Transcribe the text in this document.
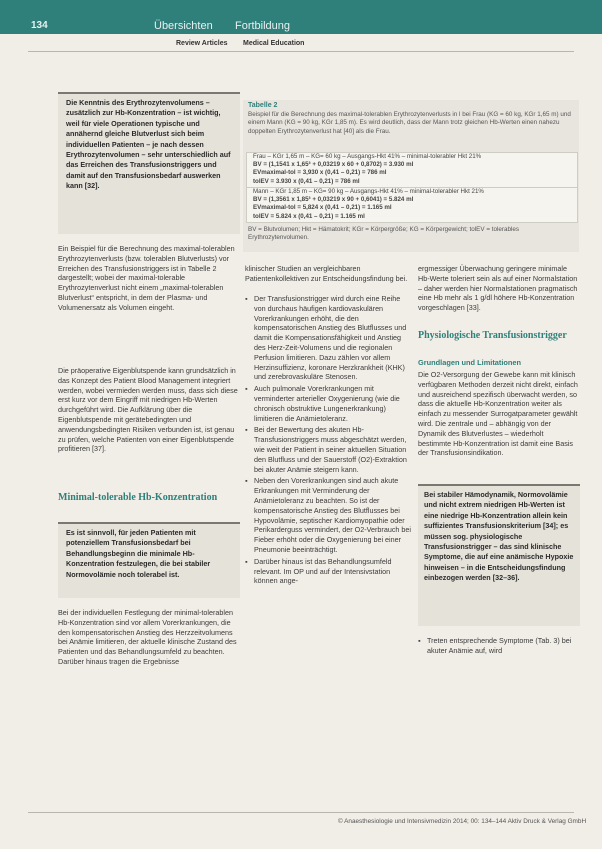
134	Übersichten Fortbildung
Review Articles Medical Education
Die Kenntnis des Erythrozytenvolumens – zusätzlich zur Hb-Konzentration – ist wichtig, weil für viele Operationen typische und annähernd gleiche Blutverlust sich beim individuellen Patienten – je nach dessen Erythrozytenvolumen – sehr unterschiedlich auf das Erreichen des Transfusionstriggers und damit auf den Transfusionsbedarf auswerken kann [32].
Ein Beispiel für die Berechnung des maximal-tolerablen Erythrozytenverlusts (bzw. tolerablen Blutverlusts) vor Erreichen des Transfusionstriggers ist in Tabelle 2 dargestellt; wobei der maximal-tolerable Erythrozytenverlust nicht einem „maximal-tolerablen Blutverlust“ entspricht, in dem der Plasma- und Volumenersatz als Volumen eingeht.
Die präoperative Eigenblutspende kann grundsätzlich in das Konzept des Patient Blood Management integriert werden, wobei vermieden werden muss, dass sich diese erst kurz vor dem Eingriff mit niedrigen Hb-Werten durchgeführt wird. Die Aufklärung über die Eigenblutspende mit gerätebedingten und anwendungsbedingten Risiken verbunden ist, ist genau zu prüfen, welche Patienten von einer Eigenblutspende profitieren [37].
Minimal-tolerable Hb-Konzentration
Es ist sinnvoll, für jeden Patienten mit potenziellem Transfusionsbedarf bei Behandlungsbeginn die minimale Hb-Konzentration festzulegen, die bei stabiler Normovolämie noch tolerabel ist.
Bei der individuellen Festlegung der minimal-tolerablen Hb-Konzentration sind vor allem Vorerkrankungen, die den kompensatorischen Anstieg des Herzzeitvolumens bei Anämie limitieren, der aktuelle klinische Zustand des Patienten und das Behandlungsumfeld zu beachten. Darüber hinaus tragen die Ergebnisse
Tabelle 2
Beispiel für die Berechnung des maximal-tolerablen Erythrozytenverlusts in l bei Frau (KG = 60 kg, KGr 1,65 m) und einem Mann (KG = 90 kg, KGr 1,85 m). Es wird deutlich, dass der Mann trotz gleichen Hb-Werten einen nahezu doppelten Erythrozytenverlust hat [40] als die Frau.
Frau – KGr 1,65 m – KG= 60 kg – Ausgangs-Hkt 41% – minimal-tolerabler Hkt 21%
BV = (1,1541 x 1,65³ + 0,03219 x 60 + 0,8702) = 3.930 ml
EVmaximal-tol = 3,930 x (0,41 – 0,21) = 786 ml
tolEV = 3.930 x (0,41 – 0,21) = 786 ml
Mann – KGr 1,85 m – KG= 90 kg – Ausgangs-Hkt 41% – minimal-tolerabler Hkt 21%
BV = (1,3561 x 1,85³ + 0,03219 x 90 + 0,6041) = 5.824 ml
EVmaximal-tol = 5,824 x (0,41 – 0,21) = 1.165 ml
tolEV = 5.824 x (0,41 – 0,21) = 1.165 ml
BV = Blutvolumen; Hkt = Hämatokrit; KGr = Körpergröße; KG = Körpergewicht; tolEV = tolerables Erythrozytenvolumen.
klinischer Studien an vergleichbaren Patientenkollektiven zur Entscheidungsfindung bei.
▪ Der Transfusionstrigger wird durch eine Reihe von durchaus häufigen kardiovaskulären Vorerkrankungen erhöht, die den kompensatorischen Anstieg des Blutflusses und damit die Kompensationsfähigkeit und Anstieg des Herz-Zeit-Volumens und die regionalen Perfusion limitieren. Dazu zählen vor allem Herzinsuffizienz, koronare Herzkrankheit (KHK) und zerebrovaskuläre Stenosen.
▪ Auch pulmonale Vorerkrankungen mit verminderter arterieller Oxygenierung (wie die chronisch obstruktive Lungenerkrankung) limitieren die Anämietoleranz.
▪ Bei der Bewertung des akuten Hb-Transfusionstriggers muss abgeschätzt werden, wie weit der Patient in seiner aktuellen Situation den Blutfluss und der Sauerstoff (O2)-Extraktion bei akuter Anämie steigern kann.
▪ Neben den Vorerkrankungen sind auch akute Erkrankungen mit Verminderung der Anämietoleranz zu beachten. So ist der kompensatorische Anstieg des Blutflusses bei Hypovolämie, septischer Kardiomyopathie oder Perikarderguss vermindert, der O2-Verbrauch bei Fieber erhöht oder die Oxygenierung bei einer Pneumonie beeinträchtigt.
▪ Darüber hinaus ist das Behandlungsumfeld relevant. Im OP und auf der Intensivstation können ange-
ergmessiger Überwachung geringere minimale Hb-Werte toleriert sein als auf einer Normalstation – daher werden hier Normalstationen pragmatisch eine Hb mehr als 1 g/dl höhere Hb-Konzentration vorgeschlagen [33].
Physiologische Transfusionstrigger
Grundlagen und Limitationen
Die O2-Versorgung der Gewebe kann mit klinisch verfügbaren Methoden derzeit nicht direkt, einfach und ausreichend spezifisch überwacht werden, so dass die aktuelle Hb-Konzentration weiter als einfach zu messender Surrogatparameter gewählt wird. Die zentrale und – abhängig von der Dynamik des Blutverlustes – wiederholt bestimmte Hb-Konzentration ist damit eine Basis der Transfusionsindikation.
Bei stabiler Hämodynamik, Normovolämie und nicht extrem niedrigen Hb-Werten ist eine niedrige Hb-Konzentration allein kein suffizientes Transfusionskriterium [34]; es müssen sog. physiologische Transfusionstrigger – das sind klinische Symptome, die auf eine anämische Hypoxie hinweisen – in die Entscheidungsfindung einbezogen werden [32–36].
▪ Treten entsprechende Symptome (Tab. 3) bei akuter Anämie auf, wird
© Anaesthesiologie und Intensivmedizin 2014; 00: 134–144 Aktiv Druck & Verlag GmbH
